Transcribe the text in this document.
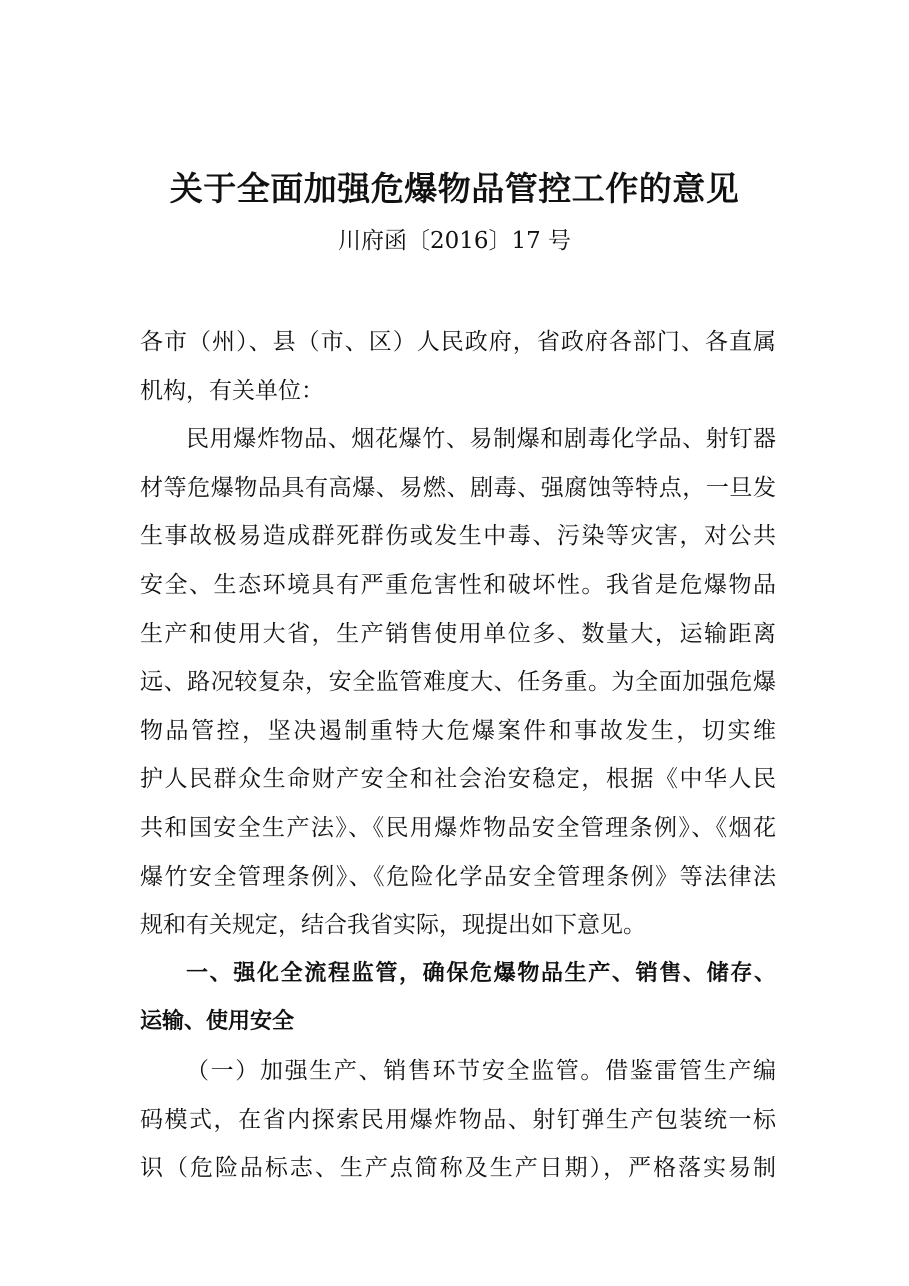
关于全面加强危爆物品管控工作的意见
川府函〔2016〕17 号
各市（州）、县（市、区）人民政府，省政府各部门、各直属
机构，有关单位：
民用爆炸物品、烟花爆竹、易制爆和剧毒化学品、射钉器
材等危爆物品具有高爆、易燃、剧毒、强腐蚀等特点，一旦发
生事故极易造成群死群伤或发生中毒、污染等灾害，对公共
安全、生态环境具有严重危害性和破坏性。我省是危爆物品
生产和使用大省，生产销售使用单位多、数量大，运输距离
远、路况较复杂，安全监管难度大、任务重。为全面加强危爆
物品管控，坚决遏制重特大危爆案件和事故发生，切实维
护人民群众生命财产安全和社会治安稳定，根据《中华人民
共和国安全生产法》、《民用爆炸物品安全管理条例》、《烟花
爆竹安全管理条例》、《危险化学品安全管理条例》等法律法
规和有关规定，结合我省实际，现提出如下意见。
一、强化全流程监管，确保危爆物品生产、销售、储存、
运输、使用安全
（一）加强生产、销售环节安全监管。借鉴雷管生产编
码模式，在省内探索民用爆炸物品、射钉弹生产包装统一标
识（危险品标志、生产点简称及生产日期），严格落实易制
